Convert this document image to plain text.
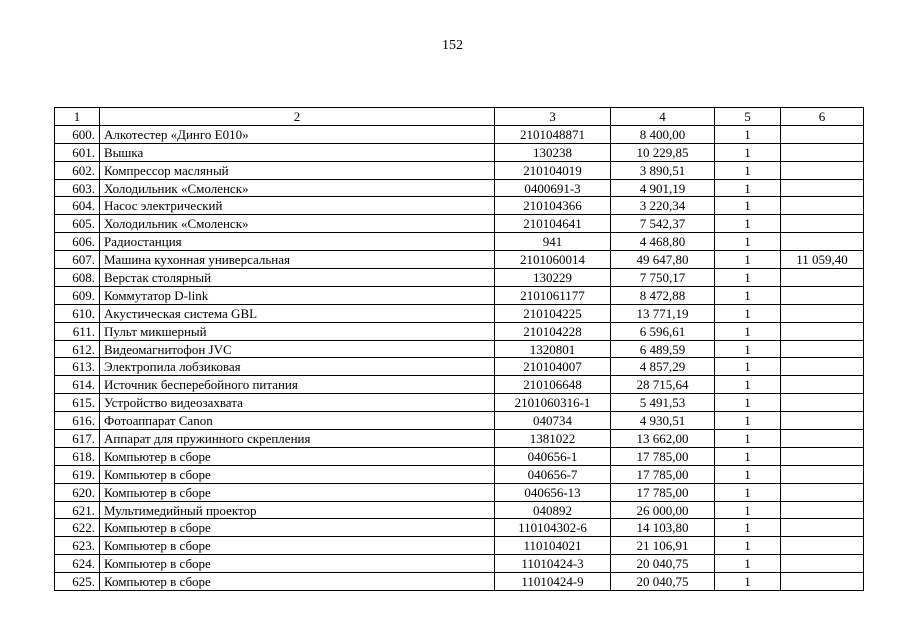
152
1	2	3	4	5	6
600.	Алкотестер «Динго Е010»	2101048871	8 400,00	1	
601.	Вышка	130238	10 229,85	1	
602.	Компрессор масляный	210104019	3 890,51	1	
603.	Холодильник «Смоленск»	0400691-3	4 901,19	1	
604.	Насос электрический	210104366	3 220,34	1	
605.	Холодильник «Смоленск»	210104641	7 542,37	1	
606.	Радиостанция	941	4 468,80	1	
607.	Машина кухонная универсальная	2101060014	49 647,80	1	11 059,40
608.	Верстак столярный	130229	7 750,17	1	
609.	Коммутатор D-link	2101061177	8 472,88	1	
610.	Акустическая система GBL	210104225	13 771,19	1	
611.	Пульт микшерный	210104228	6 596,61	1	
612.	Видеомагнитофон JVC	1320801	6 489,59	1	
613.	Электропила лобзиковая	210104007	4 857,29	1	
614.	Источник бесперебойного питания	210106648	28 715,64	1	
615.	Устройство видеозахвата	2101060316-1	5 491,53	1	
616.	Фотоаппарат Canon	040734	4 930,51	1	
617.	Аппарат для пружинного скрепления	1381022	13 662,00	1	
618.	Компьютер в сборе	040656-1	17 785,00	1	
619.	Компьютер в сборе	040656-7	17 785,00	1	
620.	Компьютер в сборе	040656-13	17 785,00	1	
621.	Мультимедийный проектор	040892	26 000,00	1	
622.	Компьютер в сборе	110104302-6	14 103,80	1	
623.	Компьютер в сборе	110104021	21 106,91	1	
624.	Компьютер в сборе	11010424-3	20 040,75	1	
625.	Компьютер в сборе	11010424-9	20 040,75	1	
